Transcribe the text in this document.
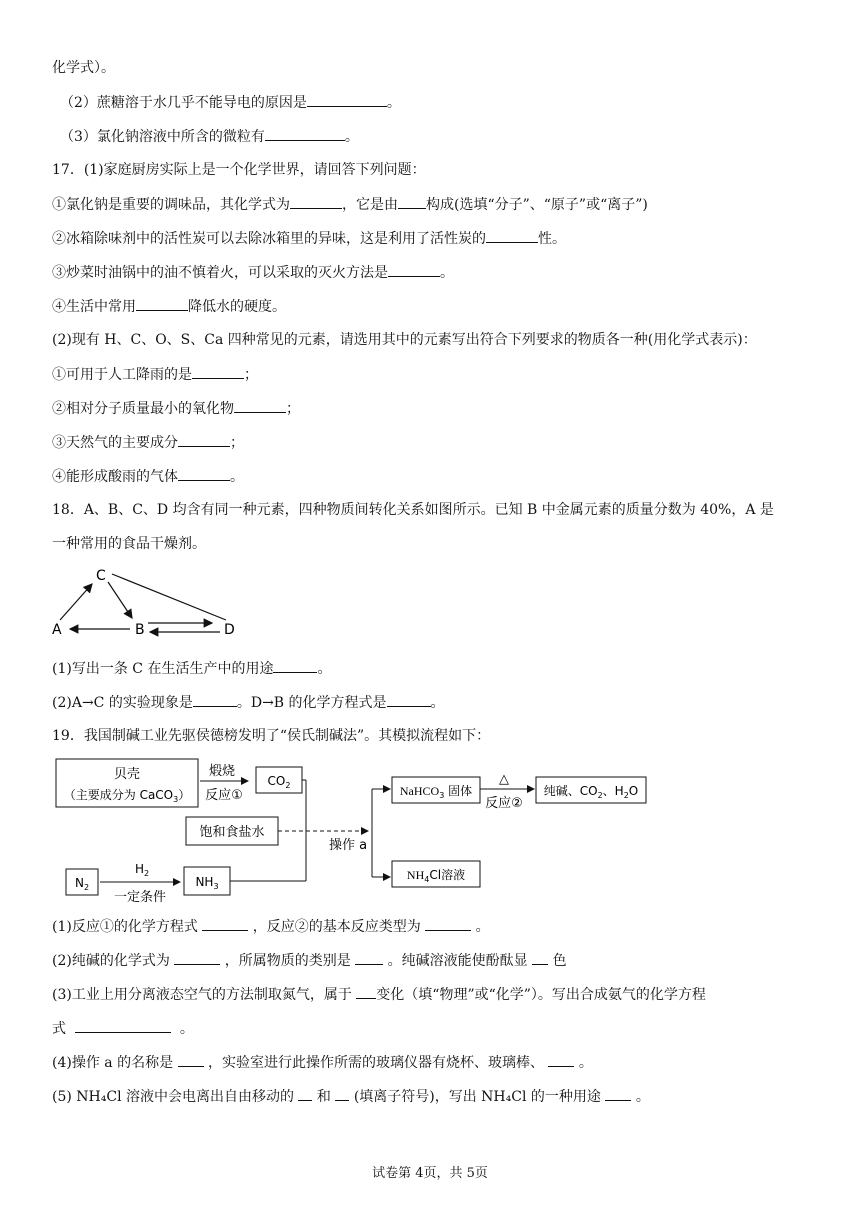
化学式）。
（2）蔗糖溶于水几乎不能导电的原因是	。
（3）氯化钠溶液中所含的微粒有	。
17．(1)家庭厨房实际上是一个化学世界，请回答下列问题：
①氯化钠是重要的调味品，其化学式为	，它是由 构成(选填“分子”、“原子”或“离子”)
②冰箱除味剂中的活性炭可以去除冰箱里的异味，这是利用了活性炭的	性。
③炒菜时油锅中的油不慎着火，可以采取的灭火方法是	。
④生活中常用	降低水的硬度。
(2)现有 H、C、O、S、Ca 四种常见的元素，请选用其中的元素写出符合下列要求的物质各一种(用化学式表示)：
①可用于人工降雨的是	；
②相对分子质量最小的氧化物	；
③天然气的主要成分	；
④能形成酸雨的气体	。
18．A、B、C、D 均含有同一种元素，四种物质间转化关系如图所示。已知 B 中金属元素的质量分数为 40%，A 是
一种常用的食品干燥剂。
C
A	B	D
(1)写出一条 C 在生活生产中的用途	。
(2)A→C 的实验现象是	。D→B 的化学方程式是	。
19．我国制碱工业先驱侯德榜发明了“侯氏制碱法”。其模拟流程如下：
贝壳
（主要成分为 CaCO$_3$）
煅烧
反应①
$CO_2$
饱和食盐水
$N_2$
$H_2$
一定条件
$NH_3$
操作 a
NaHCO$_3$ 固体
△
反应②
纯碱、$CO_2$、$H_2O$
$NH_4Cl$溶液
(1)反应①的化学方程式	，反应②的基本反应类型为	。
(2)纯碱的化学式为	，所属物质的类别是	。纯碱溶液能使酚酞显 色
(3)工业上用分离液态空气的方法制取氮气，属于 变化（填“物理”或“化学”）。写出合成氨气的化学方程
式	。
(4)操作 a 的名称是 ，实验室进行此操作所需的玻璃仪器有烧杯、玻璃棒、 。
(5) NH₄Cl 溶液中会电离出自由移动的 和 (填离子符号)，写出 NH₄Cl 的一种用途 。
试卷第 4页，共 5页
